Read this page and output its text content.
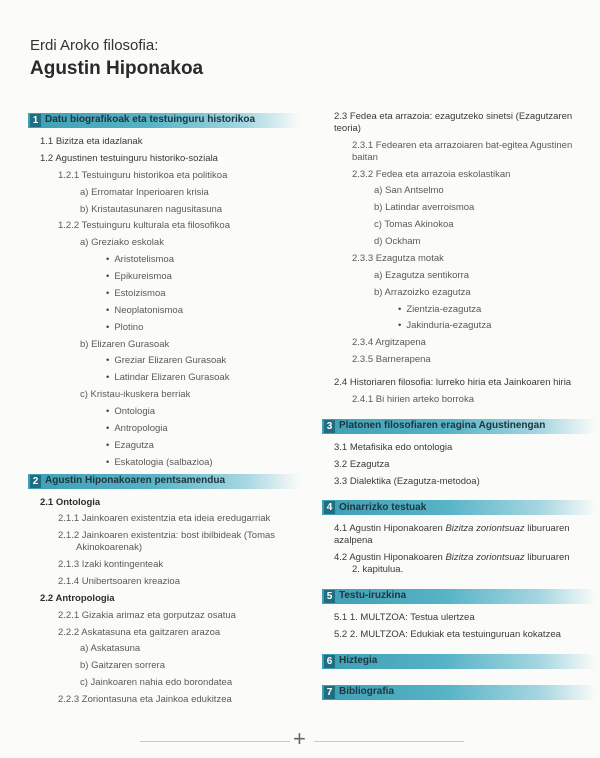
Erdi Aroko filosofia:
Agustin Hiponakoa
1 Datu biografikoak eta testuinguru historikoa
1.1 Bizitza eta idazlanak
1.2 Agustinen testuinguru historiko-soziala
1.2.1 Testuinguru historikoa eta politikoa
a) Erromatar Inperioaren krisia
b) Kristautasunaren nagusitasuna
1.2.2 Testuinguru kulturala eta filosofikoa
a) Greziako eskolak
• Aristotelismoa
• Epikureismoa
• Estoizismoa
• Neoplatonismoa
• Plotino
b) Elizaren Gurasoak
• Greziar Elizaren Gurasoak
• Latindar Elizaren Gurasoak
c) Kristau-ikuskera berriak
• Ontologia
• Antropologia
• Ezagutza
• Eskatologia (salbazioa)
2 Agustin Hiponakoaren pentsamendua
2.1 Ontologia
2.1.1 Jainkoaren existentzia eta ideia eredugarriak
2.1.2 Jainkoaren existentzia: bost ibilbideak (Tomas
Akinokoarenak)
2.1.3 Izaki kontingenteak
2.1.4 Unibertsoaren kreazioa
2.2 Antropologia
2.2.1 Gizakia arimaz eta gorputzaz osatua
2.2.2 Askatasuna eta gaitzaren arazoa
a) Askatasuna
b) Gaitzaren sorrera
c) Jainkoaren nahia edo borondatea
2.2.3 Zoriontasuna eta Jainkoa edukitzea
2.3 Fedea eta arrazoia: ezagutzeko sinetsi (Ezagutzaren teoria)
2.3.1 Fedearen eta arrazoiaren bat-egitea Agustinen baitan
2.3.2 Fedea eta arrazoia eskolastikan
a) San Antselmo
b) Latindar averroismoa
c) Tomas Akinokoa
d) Ockham
2.3.3 Ezagutza motak
a) Ezagutza sentikorra
b) Arrazoizko ezagutza
• Zientzia-ezagutza
• Jakinduria-ezagutza
2.3.4 Argitzapena
2.3.5 Barnerapena
2.4 Historiaren filosofia: lurreko hiria eta Jainkoaren hiria
2.4.1 Bi hirien arteko borroka
3 Platonen filosofiaren eragina Agustinengan
3.1 Metafisika edo ontologia
3.2 Ezagutza
3.3 Dialektika (Ezagutza-metodoa)
4 Oinarrizko testuak
4.1 Agustin Hiponakoaren Bizitza zoriontsuaz liburuaren azalpena
4.2 Agustin Hiponakoaren Bizitza zoriontsuaz liburuaren
2. kapitulua.
5 Testu-iruzkina
5.1 1. MULTZOA: Testua ulertzea
5.2 2. MULTZOA: Edukiak eta testuinguruan kokatzea
6 Hiztegia
7 Bibliografia
+
